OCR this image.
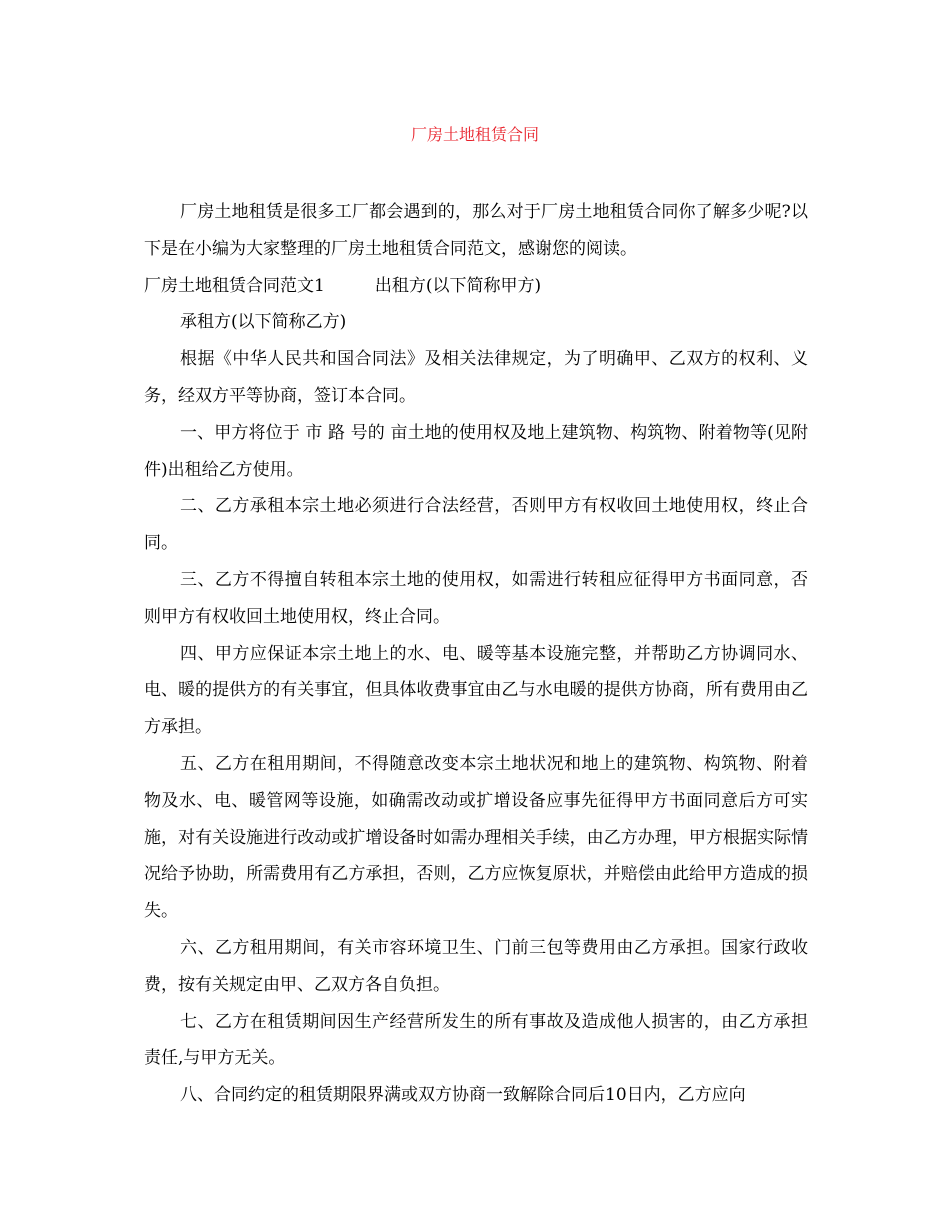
厂房土地租赁合同

厂房土地租赁是很多工厂都会遇到的，那么对于厂房土地租赁合同你了解多少呢?以下是在小编为大家整理的厂房土地租赁合同范文，感谢您的阅读。

厂房土地租赁合同范文1	出租方(以下简称甲方)

承租方(以下简称乙方)

根据《中华人民共和国合同法》及相关法律规定，为了明确甲、乙双方的权利、义务，经双方平等协商，签订本合同。

一、甲方将位于 市 路 号的 亩土地的使用权及地上建筑物、构筑物、附着物等(见附件)出租给乙方使用。

二、乙方承租本宗土地必须进行合法经营，否则甲方有权收回土地使用权，终止合同。

三、乙方不得擅自转租本宗土地的使用权，如需进行转租应征得甲方书面同意，否则甲方有权收回土地使用权，终止合同。

四、甲方应保证本宗土地上的水、电、暖等基本设施完整，并帮助乙方协调同水、电、暖的提供方的有关事宜，但具体收费事宜由乙与水电暖的提供方协商，所有费用由乙方承担。

五、乙方在租用期间，不得随意改变本宗土地状况和地上的建筑物、构筑物、附着物及水、电、暖管网等设施，如确需改动或扩增设备应事先征得甲方书面同意后方可实施，对有关设施进行改动或扩增设备时如需办理相关手续，由乙方办理，甲方根据实际情况给予协助，所需费用有乙方承担，否则，乙方应恢复原状，并赔偿由此给甲方造成的损失。

六、乙方租用期间，有关市容环境卫生、门前三包等费用由乙方承担。国家行政收费，按有关规定由甲、乙双方各自负担。

七、乙方在租赁期间因生产经营所发生的所有事故及造成他人损害的，由乙方承担责任,与甲方无关。

八、合同约定的租赁期限界满或双方协商一致解除合同后10日内，乙方应向
